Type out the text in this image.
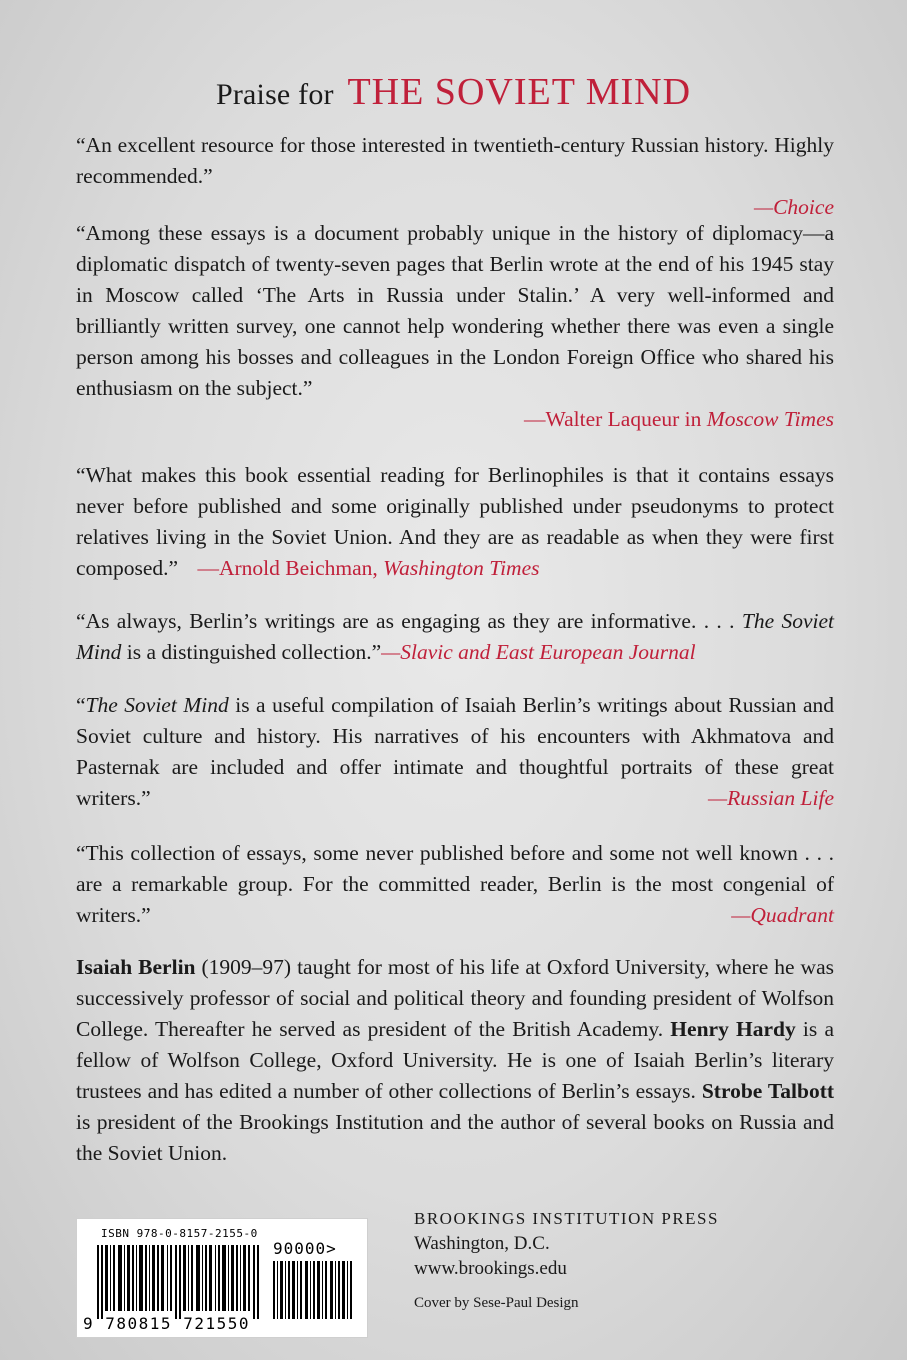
Praise for THE SOVIET MIND
“An excellent resource for those interested in twentieth-century Russian history. Highly recommended.”
—Choice
“Among these essays is a document probably unique in the history of diplomacy—a diplomatic dispatch of twenty-seven pages that Berlin wrote at the end of his 1945 stay in Moscow called ‘The Arts in Russia under Stalin.’ A very well-informed and brilliantly written survey, one cannot help wondering whether there was even a single person among his bosses and colleagues in the London Foreign Office who shared his enthusiasm on the subject.”
—Walter Laqueur in Moscow Times
“What makes this book essential reading for Berlinophiles is that it contains essays never before published and some originally published under pseudonyms to protect relatives living in the Soviet Union. And they are as readable as when they were first composed.” —Arnold Beichman, Washington Times
“As always, Berlin’s writings are as engaging as they are informative. . . . The Soviet Mind is a distinguished collection.”—Slavic and East European Journal
“The Soviet Mind is a useful compilation of Isaiah Berlin’s writings about Russian and Soviet culture and history. His narratives of his encounters with Akhmatova and Pasternak are included and offer intimate and thoughtful portraits of these great writers.”	—Russian Life
“This collection of essays, some never published before and some not well known . . . are a remarkable group. For the committed reader, Berlin is the most congenial of writers.”	—Quadrant
Isaiah Berlin (1909–97) taught for most of his life at Oxford University, where he was successively professor of social and political theory and founding president of Wolfson College. Thereafter he served as president of the British Academy. Henry Hardy is a fellow of Wolfson College, Oxford University. He is one of Isaiah Berlin’s literary trustees and has edited a number of other collections of Berlin’s essays. Strobe Talbott is president of the Brookings Institution and the author of several books on Russia and the Soviet Union.
ISBN 978-0-8157-2155-0
90000>
9 780815 721550
BROOKINGS INSTITUTION PRESS
Washington, D.C.
www.brookings.edu
Cover by Sese-Paul Design
